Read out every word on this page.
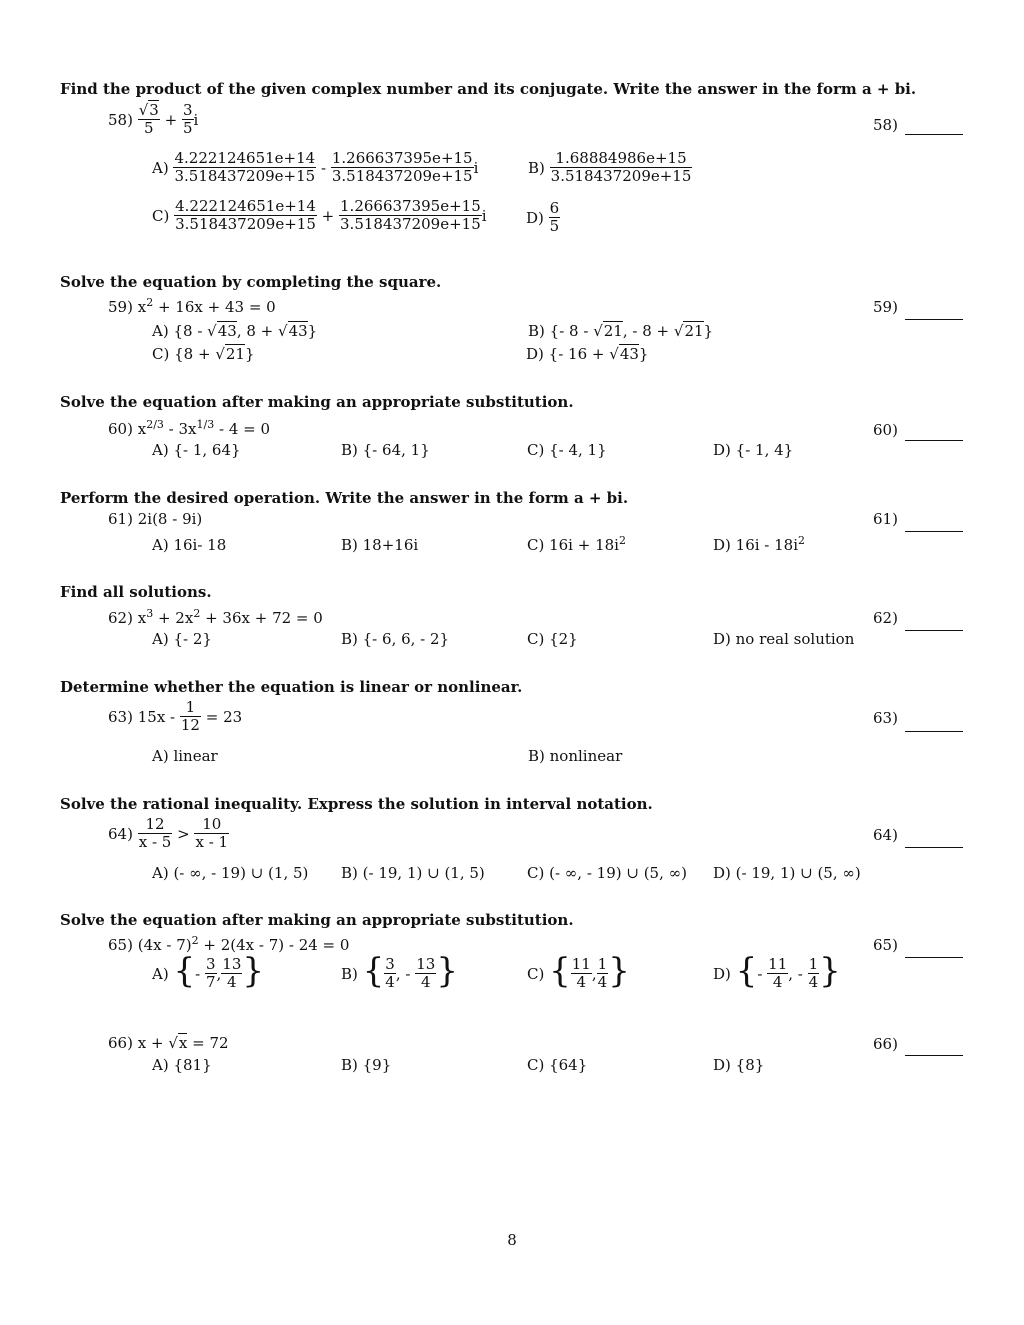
Find the product of the given complex number and its conjugate. Write the answer in the form a + bi.
$58) \frac{√3}{5} + \frac{3}{5}$ i	58)
$A) \frac{4.222124651e+14}{3.518437209e+15} - \frac{1.266637395e+15}{3.518437209e+15}$ i	$B) \frac{1.68884986e+15}{3.518437209e+15}$
$C) \frac{4.222124651e+14}{3.518437209e+15} + \frac{1.266637395e+15}{3.518437209e+15}$ i	$D) \frac{6}{5}$
Solve the equation by completing the square.
59) $x^2 + 16x + 43 = 0$	59)
A) {8 - √43, 8 + √43}	B) {- 8 - √21, - 8 + √21}
C) {8 + √21}	D) {- 16 + √43}
Solve the equation after making an appropriate substitution.
60) $x^{2/3} - 3x^{1/3} - 4 = 0$	60)
A) {- 1, 64}	B) {- 64, 1}	C) {- 4, 1}	D) {- 1, 4}
Perform the desired operation. Write the answer in the form a + bi.
61) 2i(8 - 9i)	61)
A) 16i- 18	B) 18+16i	C) $16i + 18i^2$	D) $16i - 18i^2$
Find all solutions.
62) $x^3 + 2x^2 + 36x + 72 = 0$	62)
A) {- 2}	B) {- 6, 6, - 2}	C) {2}	D) no real solution
Determine whether the equation is linear or nonlinear.
63) $15x - \frac{1}{12} = 23$	63)
A) linear	B) nonlinear
Solve the rational inequality. Express the solution in interval notation.
$64) \frac{12}{x - 5} > \frac{10}{x - 1}$	64)
A) (- ∞, - 19) ∪ (1, 5) B) (- 19, 1) ∪ (1, 5)	C) (- ∞, - 19) ∪ (5, ∞) D) (- 19, 1) ∪ (5, ∞)
Solve the equation after making an appropriate substitution.
65) (4x - 7)$^2$ + 2(4x - 7) - 24 = 0	65)
A) {- $\frac{3}{7}$ , $\frac{13}{4}$ }	B) { $\frac{3}{4}$ , - $\frac{13}{4}$ }	C) { $\frac{11}{4}$ , $\frac{1}{4}$ }	D) {- $\frac{11}{4}$ , - $\frac{1}{4}$ }
66) x + √x = 72	66)
A) {81}	B) {9}	C) {64}	D) {8}
8
